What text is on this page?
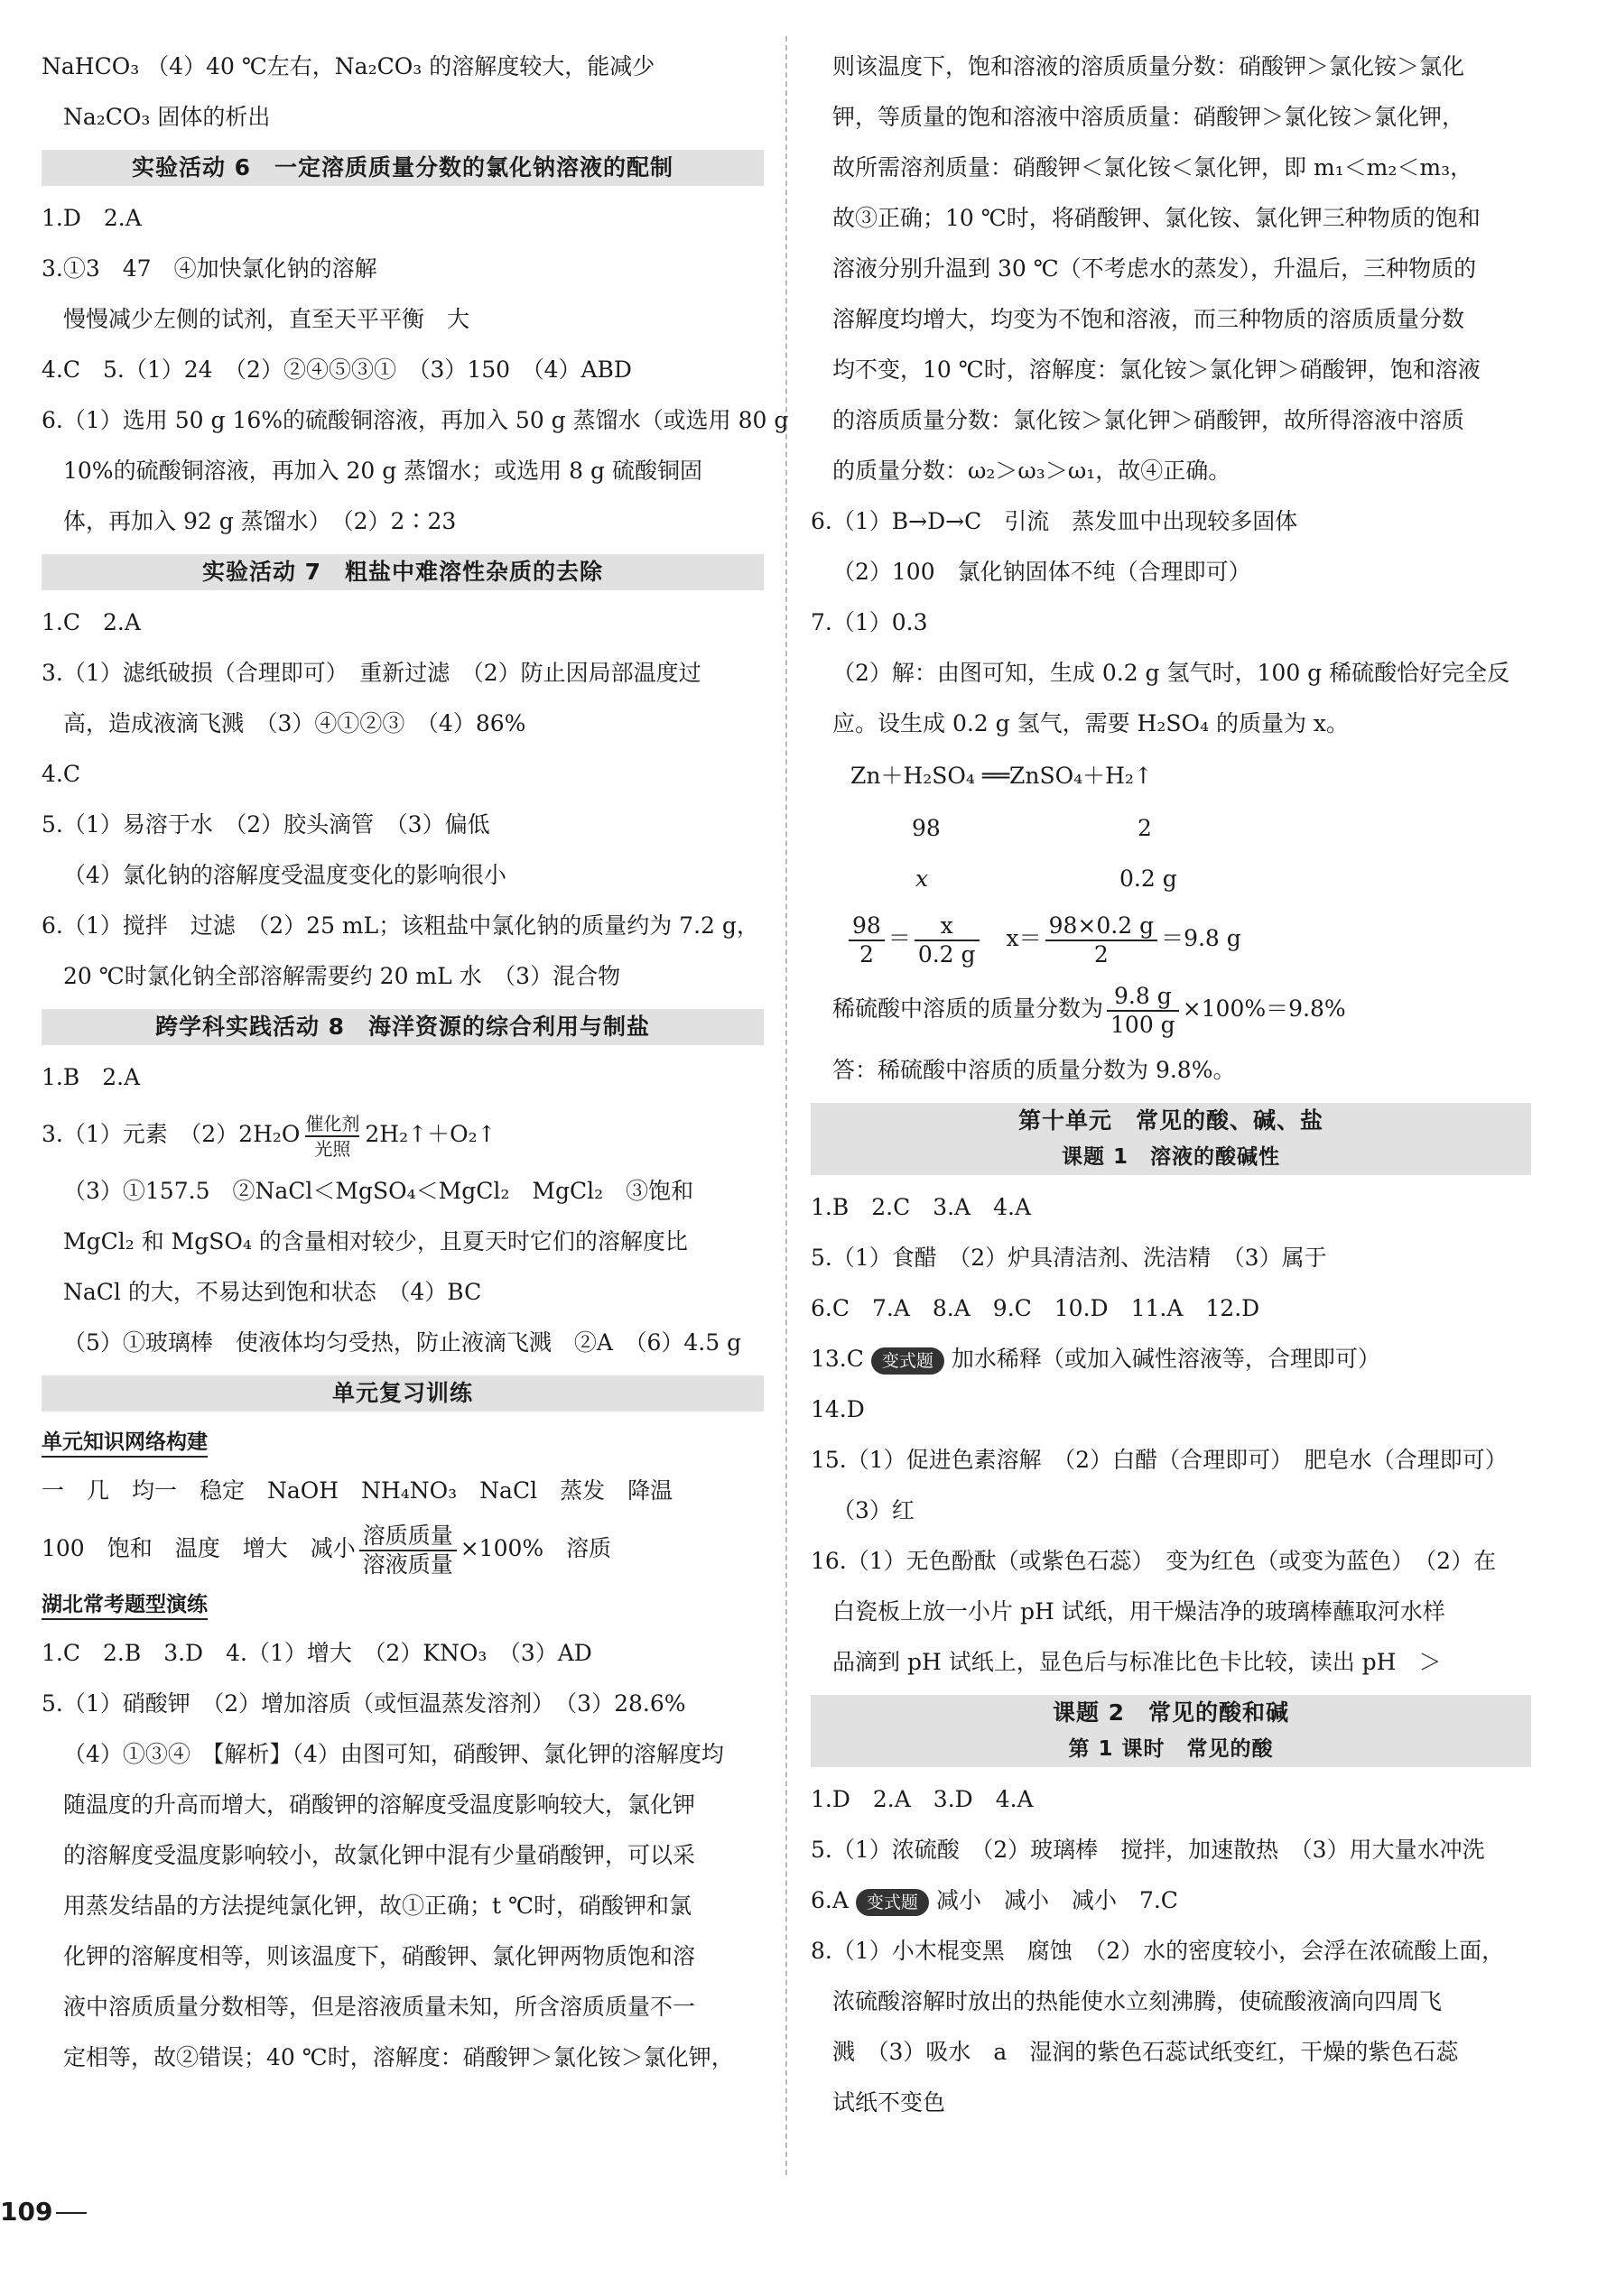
NaHCO₃ （4）40 ℃左右，Na₂CO₃ 的溶解度较大，能减少
Na₂CO₃ 固体的析出
实验活动 6　一定溶质质量分数的氯化钠溶液的配制
1.D　2.A
3.①3　47　④加快氯化钠的溶解
慢慢减少左侧的试剂，直至天平平衡　大
4.C　5.（1）24　（2）②④⑤③①　（3）150　（4）ABD
6.（1）选用 50 g 16%的硫酸铜溶液，再加入 50 g 蒸馏水（或选用 80 g
10%的硫酸铜溶液，再加入 20 g 蒸馏水；或选用 8 g 硫酸铜固
体，再加入 92 g 蒸馏水）　（2）2∶23
实验活动 7　粗盐中难溶性杂质的去除
1.C　2.A
3.（1）滤纸破损（合理即可）　重新过滤　（2）防止因局部温度过
高，造成液滴飞溅　（3）④①②③　（4）86%
4.C
5.（1）易溶于水　（2）胶头滴管　（3）偏低
（4）氯化钠的溶解度受温度变化的影响很小
6.（1）搅拌　过滤　（2）25 mL；该粗盐中氯化钠的质量约为 7.2 g，
20 ℃时氯化钠全部溶解需要约 20 mL 水　（3）混合物
跨学科实践活动 8　海洋资源的综合利用与制盐
1.B　2.A
3.（1）元素　（2）2H₂O 催化剂
光照
2H₂↑＋O₂↑
（3）①157.5　②NaCl＜MgSO₄＜MgCl₂　MgCl₂　③饱和
MgCl₂ 和 MgSO₄ 的含量相对较少，且夏天时它们的溶解度比
NaCl 的大，不易达到饱和状态　（4）BC
（5）①玻璃棒　使液体均匀受热，防止液滴飞溅　②A　（6）4.5 g
单元复习训练
单元知识网络构建
一　几　均一　稳定　NaOH　NH₄NO₃　NaCl　蒸发　降温
100　饱和　温度　增大　减小 $\frac{\text{溶质质量}}{\text{溶液质量}} \times 100\%$　溶质
湖北常考题型演练
1.C　2.B　3.D　4.（1）增大　（2）KNO₃　（3）AD
5.（1）硝酸钾　（2）增加溶质（或恒温蒸发溶剂）　（3）28.6%
（4）①③④　【解析】（4）由图可知，硝酸钾、氯化钾的溶解度均
随温度的升高而增大，硝酸钾的溶解度受温度影响较大，氯化钾
的溶解度受温度影响较小，故氯化钾中混有少量硝酸钾，可以采
用蒸发结晶的方法提纯氯化钾，故①正确；t ℃时，硝酸钾和氯
化钾的溶解度相等，则该温度下，硝酸钾、氯化钾两物质饱和溶
液中溶质质量分数相等，但是溶液质量未知，所含溶质质量不一
定相等，故②错误；40 ℃时，溶解度：硝酸钾＞氯化铵＞氯化钾，
则该温度下，饱和溶液的溶质质量分数：硝酸钾＞氯化铵＞氯化
钾，等质量的饱和溶液中溶质质量：硝酸钾＞氯化铵＞氯化钾，
故所需溶剂质量：硝酸钾＜氯化铵＜氯化钾，即 m₁＜m₂＜m₃，
故③正确；10 ℃时，将硝酸钾、氯化铵、氯化钾三种物质的饱和
溶液分别升温到 30 ℃（不考虑水的蒸发），升温后，三种物质的
溶解度均增大，均变为不饱和溶液，而三种物质的溶质质量分数
均不变，10 ℃时，溶解度：氯化铵＞氯化钾＞硝酸钾，饱和溶液
的溶质质量分数：氯化铵＞氯化钾＞硝酸钾，故所得溶液中溶质
的质量分数：ω₂＞ω₃＞ω₁，故④正确。
6.（1）B→D→C　引流　蒸发皿中出现较多固体
（2）100　氯化钠固体不纯（合理即可）
7.（1）0.3
（2）解：由图可知，生成 0.2 g 氢气时，100 g 稀硫酸恰好完全反
应。设生成 0.2 g 氢气，需要 H₂SO₄ 的质量为 x。
Zn＋H₂SO₄ ══ZnSO₄＋H₂↑
98	2
x	0.2 g
$\frac{98}{2} = \frac{x}{0.2 g} x= \frac{98\times 0.2 g}{2} =9.8$ g
稀硫酸中溶质的质量分数为 $\frac{9.8 g}{100 g} \times 100\%=9.8\%$
答：稀硫酸中溶质的质量分数为 9.8%。
第十单元　常见的酸、碱、盐
课题 1　溶液的酸碱性
1.B　2.C　3.A　4.A
5.（1）食醋　（2）炉具清洁剂、洗洁精　（3）属于
6.C　7.A　8.A　9.C　10.D　11.A　12.D
13.C 变式题 加水稀释（或加入碱性溶液等，合理即可）
14.D
15.（1）促进色素溶解　（2）白醋（合理即可）　肥皂水（合理即可）
（3）红
16.（1）无色酚酞（或紫色石蕊）　变为红色（或变为蓝色）　（2）在
白瓷板上放一小片 pH 试纸，用干燥洁净的玻璃棒蘸取河水样
品滴到 pH 试纸上，显色后与标准比色卡比较，读出 pH　＞
课题 2　常见的酸和碱
第 1 课时　常见的酸
1.D　2.A　3.D　4.A
5.（1）浓硫酸　（2）玻璃棒　搅拌，加速散热　（3）用大量水冲洗
6.A 变式题 减小　减小　减小　7.C
8.（1）小木棍变黑　腐蚀　（2）水的密度较小，会浮在浓硫酸上面，
浓硫酸溶解时放出的热能使水立刻沸腾，使硫酸液滴向四周飞
溅　（3）吸水　a　湿润的紫色石蕊试纸变红，干燥的紫色石蕊
试纸不变色
109
